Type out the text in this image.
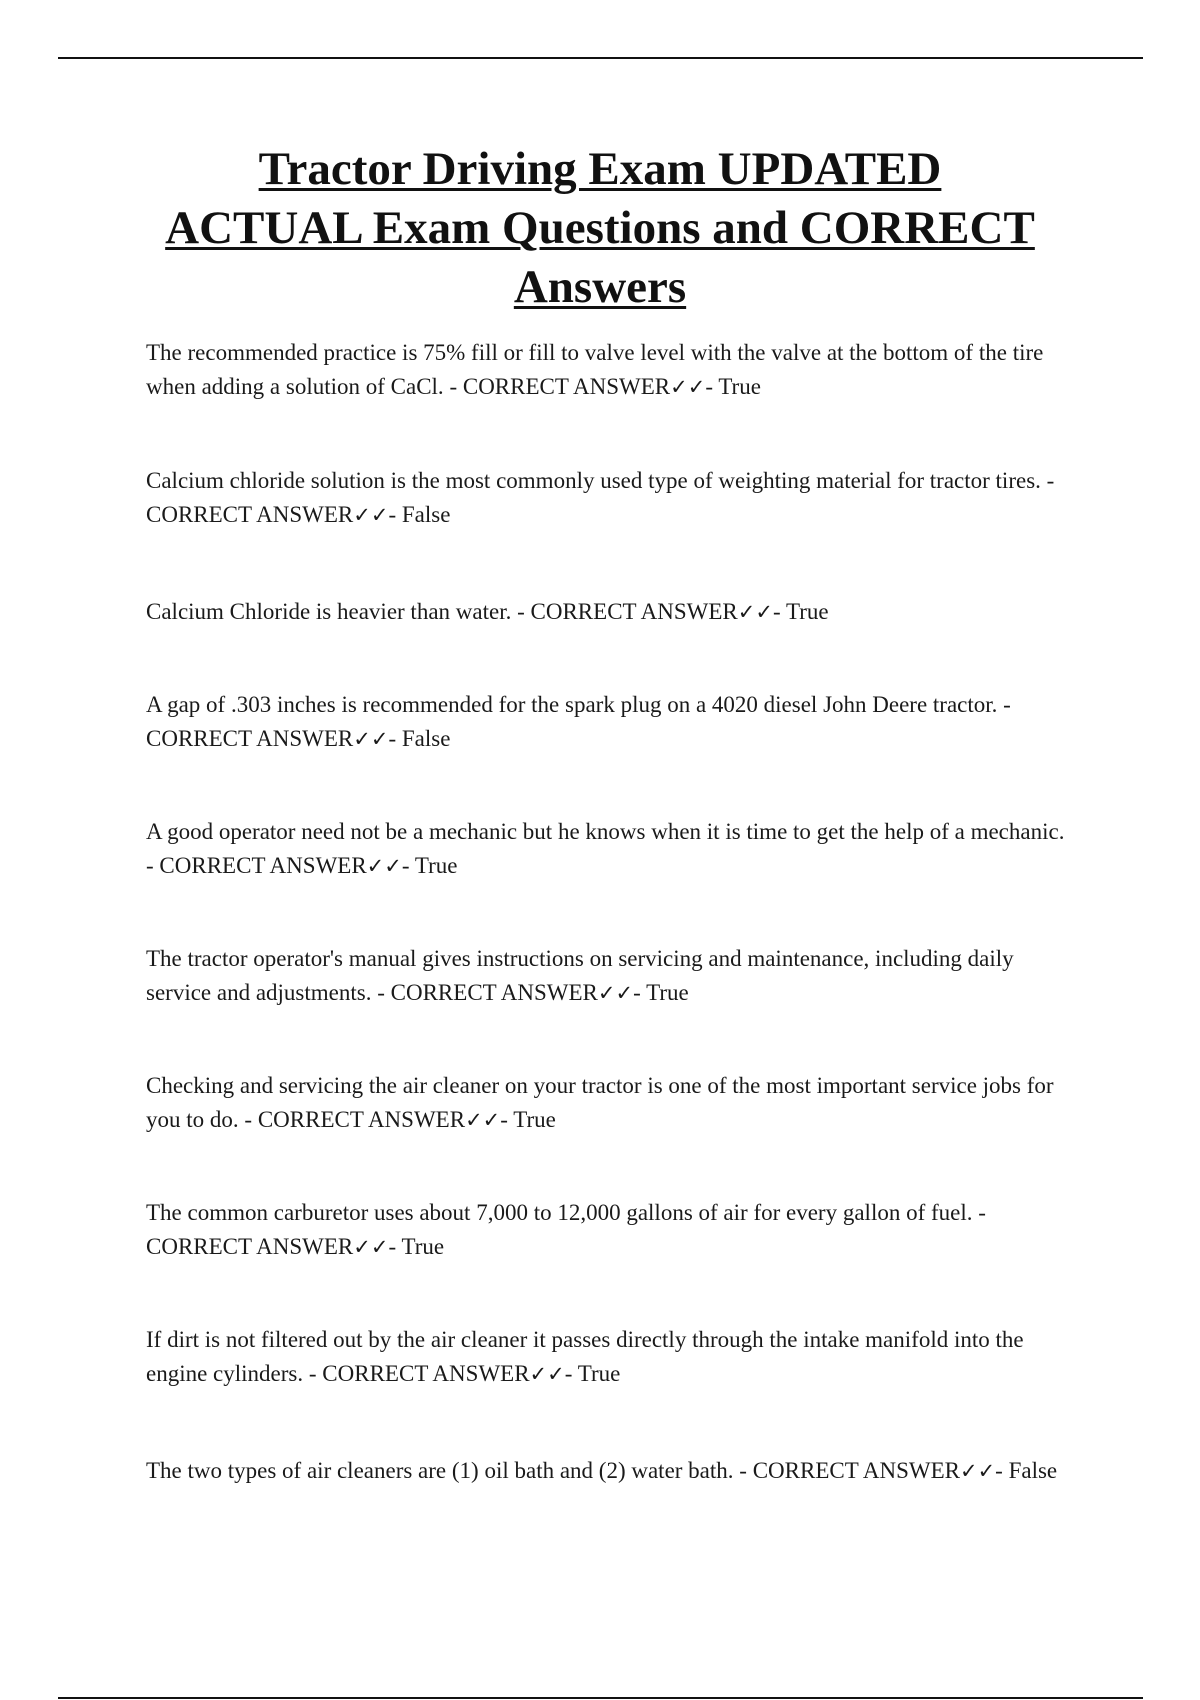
Tractor Driving Exam UPDATED
ACTUAL Exam Questions and CORRECT
Answers

The recommended practice is 75% fill or fill to valve level with the valve at the bottom of the tire when adding a solution of CaCl. - CORRECT ANSWER✓✓- True

Calcium chloride solution is the most commonly used type of weighting material for tractor tires. - CORRECT ANSWER✓✓- False

Calcium Chloride is heavier than water. - CORRECT ANSWER✓✓- True

A gap of .303 inches is recommended for the spark plug on a 4020 diesel John Deere tractor. - CORRECT ANSWER✓✓- False

A good operator need not be a mechanic but he knows when it is time to get the help of a mechanic. - CORRECT ANSWER✓✓- True

The tractor operator's manual gives instructions on servicing and maintenance, including daily service and adjustments. - CORRECT ANSWER✓✓- True

Checking and servicing the air cleaner on your tractor is one of the most important service jobs for you to do. - CORRECT ANSWER✓✓- True

The common carburetor uses about 7,000 to 12,000 gallons of air for every gallon of fuel. - CORRECT ANSWER✓✓- True

If dirt is not filtered out by the air cleaner it passes directly through the intake manifold into the engine cylinders. - CORRECT ANSWER✓✓- True

The two types of air cleaners are (1) oil bath and (2) water bath. - CORRECT ANSWER✓✓- False
